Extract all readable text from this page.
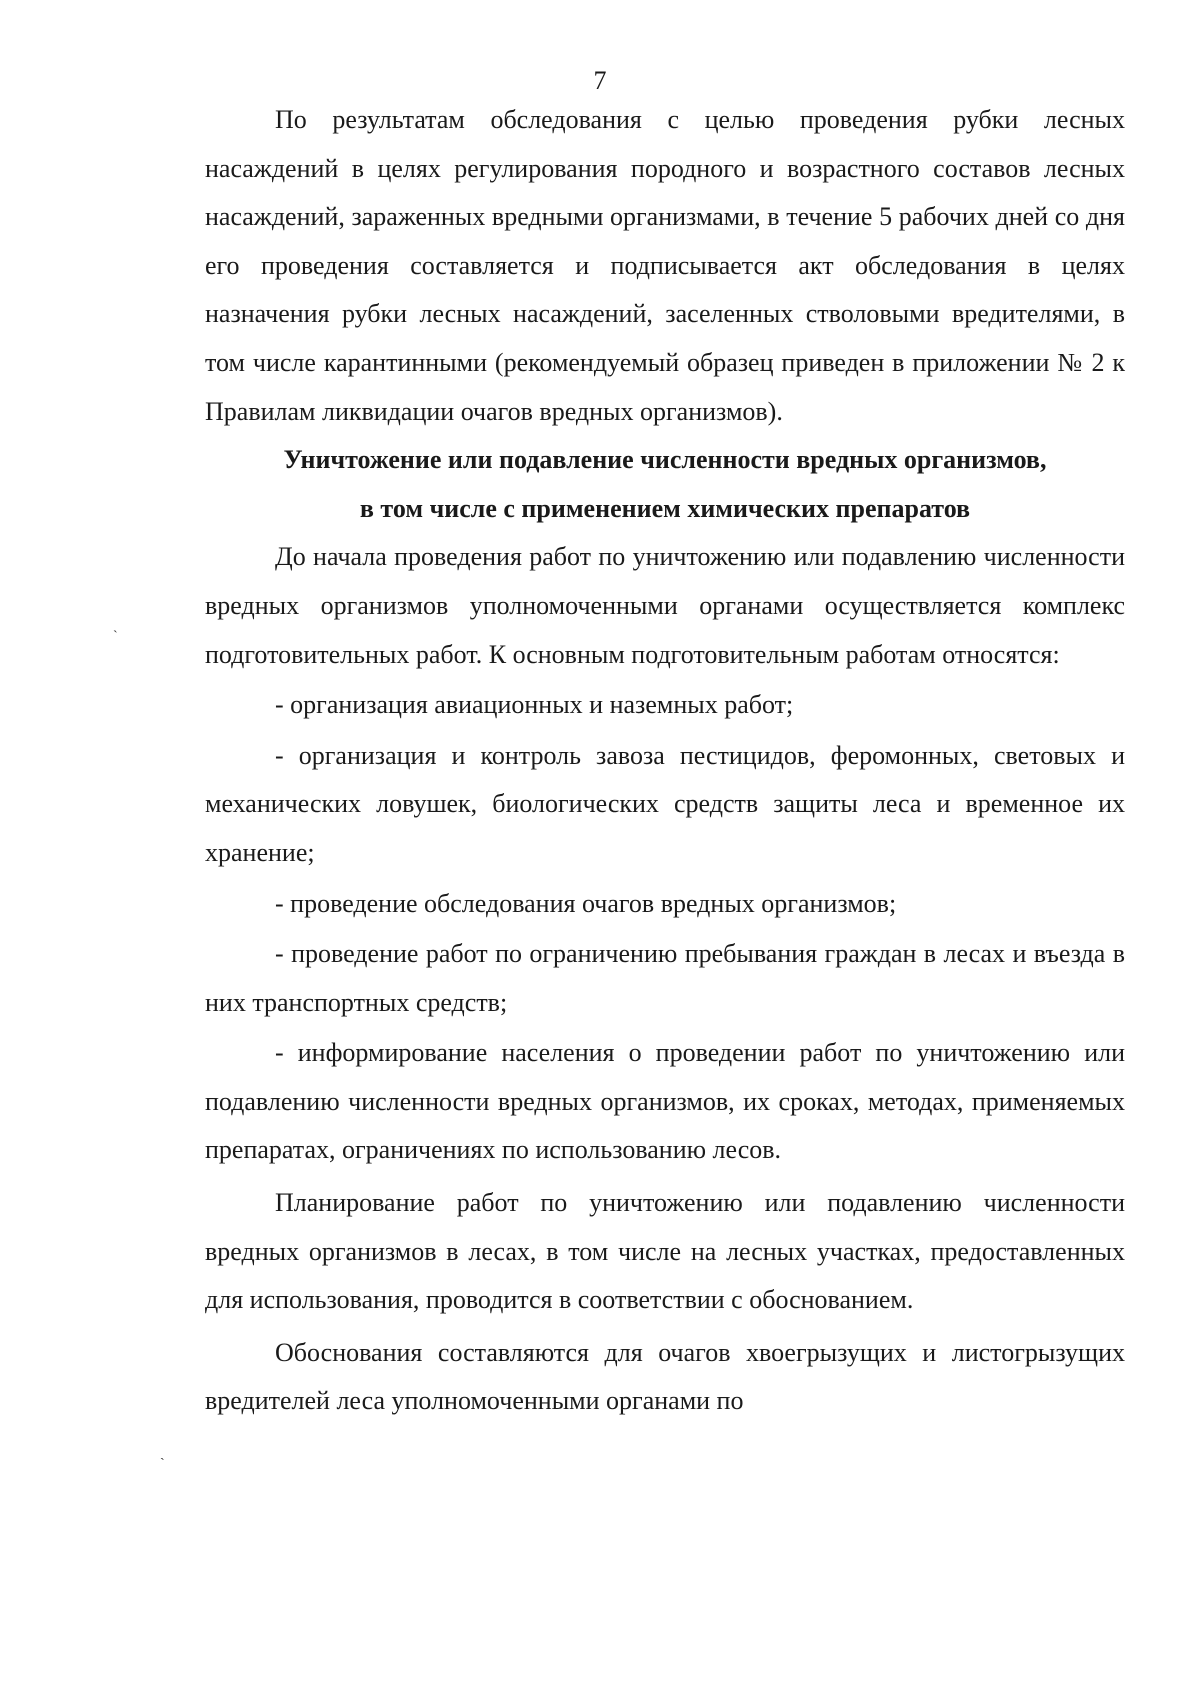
7
ˋ
ˎ

По результатам обследования с целью проведения рубки лесных насаждений в целях регулирования породного и возрастного составов лесных насаждений, зараженных вредными организмами, в течение 5 рабочих дней со дня его проведения составляется и подписывается акт обследования в целях назначения рубки лесных насаждений, заселенных стволовыми вредителями, в том числе карантинными (рекомендуемый образец приведен в приложении № 2 к Правилам ликвидации очагов вредных организмов).

Уничтожение или подавление численности вредных организмов,
в том числе с применением химических препаратов

До начала проведения работ по уничтожению или подавлению численности вредных организмов уполномоченными органами осуществляется комплекс подготовительных работ. К основным подготовительным работам относятся:

- организация авиационных и наземных работ;

- организация и контроль завоза пестицидов, феромонных, световых и механических ловушек, биологических средств защиты леса и временное их хранение;

- проведение обследования очагов вредных организмов;

- проведение работ по ограничению пребывания граждан в лесах и въезда в них транспортных средств;

- информирование населения о проведении работ по уничтожению или подавлению численности вредных организмов, их сроках, методах, применяемых препаратах, ограничениях по использованию лесов.

Планирование работ по уничтожению или подавлению численности вредных организмов в лесах, в том числе на лесных участках, предоставленных для использования, проводится в соответствии с обоснованием.

Обоснования составляются для очагов хвоегрызущих и листогрызущих вредителей леса уполномоченными органами по
